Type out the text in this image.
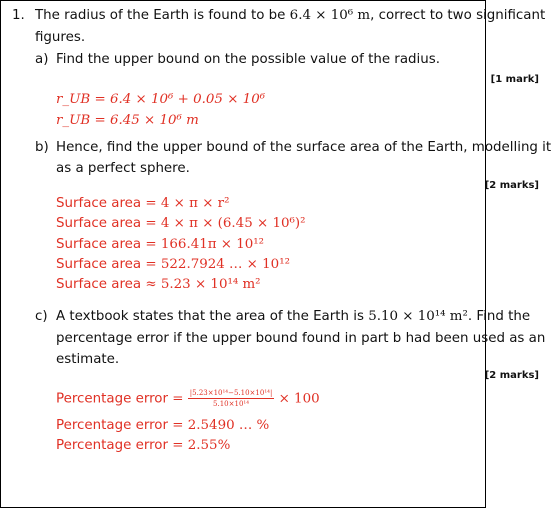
1. The radius of the Earth is found to be 6.4 × 10⁶ m, correct to two significant
figures.
a) Find the upper bound on the possible value of the radius.
[1 mark]
r_UB = 6.4 × 10⁶ + 0.05 × 10⁶
r_UB = 6.45 × 10⁶ m
b) Hence, find the upper bound of the surface area of the Earth, modelling it
as a perfect sphere.
[2 marks]
Surface area = 4 × π × r²
Surface area = 4 × π × (6.45 × 10⁶)²
Surface area = 166.41π × 10¹²
Surface area = 522.7924 … × 10¹²
Surface area ≈ 5.23 × 10¹⁴ m²
c) A textbook states that the area of the Earth is 5.10 × 10¹⁴ m². Find the
percentage error if the upper bound found in part b had been used as an
estimate.
[2 marks]
Percentage error = $\frac{\text{|5.23×10¹⁴−5.10×10¹⁴|}}{\text{5.10×10¹⁴}} \times 100$
Percentage error = 2.5490 … %
Percentage error = 2.55%
